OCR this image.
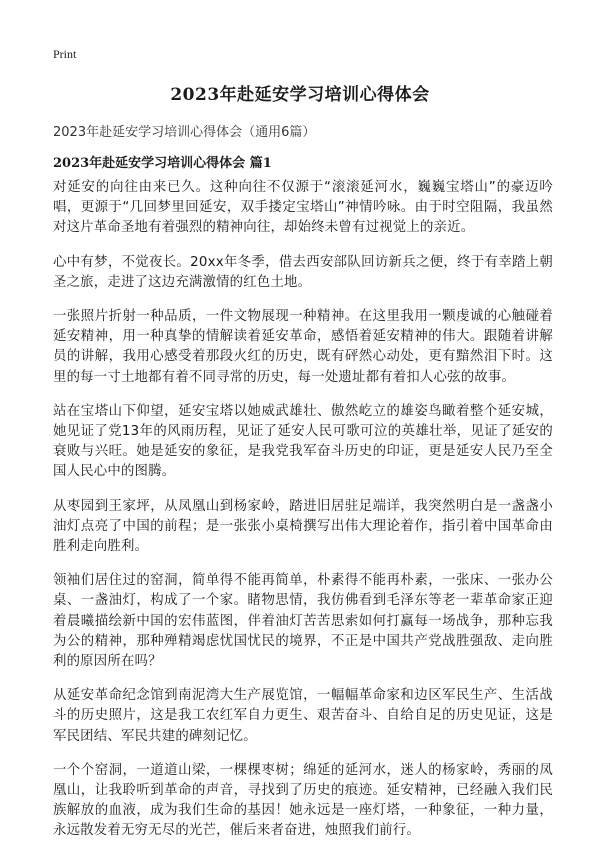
Print
2023年赴延安学习培训心得体会
2023年赴延安学习培训心得体会（通用6篇）
2023年赴延安学习培训心得体会 篇1

对延安的向往由来已久。这种向往不仅源于“滚滚延河水，巍巍宝塔山”的豪迈吟唱，更源于“几回梦里回延安，双手搂定宝塔山”神情吟咏。由于时空阻隔，我虽然对这片革命圣地有着强烈的精神向往，却始终未曾有过视觉上的亲近。

心中有梦，不觉夜长。20xx年冬季，借去西安部队回访新兵之便，终于有幸踏上朝圣之旅，走进了这边充满激情的红色土地。

一张照片折射一种品质，一件文物展现一种精神。在这里我用一颗虔诚的心触碰着延安精神，用一种真挚的情解读着延安革命，感悟着延安精神的伟大。跟随着讲解员的讲解，我用心感受着那段火红的历史，既有砰然心动处，更有黯然泪下时。这里的每一寸土地都有着不同寻常的历史，每一处遗址都有着扣人心弦的故事。

站在宝塔山下仰望，延安宝塔以她威武雄壮、傲然屹立的雄姿鸟瞰着整个延安城，她见证了党13年的风雨历程，见证了延安人民可歌可泣的英雄壮举，见证了延安的衰败与兴旺。她是延安的象征，是我党我军奋斗历史的印证，更是延安人民乃至全国人民心中的图腾。

从枣园到王家坪，从凤凰山到杨家岭，踏进旧居驻足端详，我突然明白是一盏盏小油灯点亮了中国的前程；是一张张小桌椅撰写出伟大理论着作，指引着中国革命由胜利走向胜利。

领袖们居住过的窑洞，简单得不能再简单，朴素得不能再朴素，一张床、一张办公桌、一盏油灯，构成了一个家。睹物思情，我仿佛看到毛泽东等老一辈革命家正迎着晨曦描绘新中国的宏伟蓝图，伴着油灯苦苦思索如何打赢每一场战争，那种忘我为公的精神，那种殚精竭虑忧国忧民的境界，不正是中国共产党战胜强敌、走向胜利的原因所在吗？

从延安革命纪念馆到南泥湾大生产展览馆，一幅幅革命家和边区军民生产、生活战斗的历史照片，这是我工农红军自力更生、艰苦奋斗、自给自足的历史见证，这是军民团结、军民共建的碑刻记忆。

一个个窑洞，一道道山梁，一棵棵枣树；绵延的延河水，迷人的杨家岭，秀丽的凤凰山，让我聆听到革命的声音，寻找到了历史的痕迹。延安精神，已经融入我们民族解放的血液，成为我们生命的基因！她永远是一座灯塔，一种象征，一种力量，永远散发着无穷无尽的光芒，催后来者奋进，烛照我们前行。
